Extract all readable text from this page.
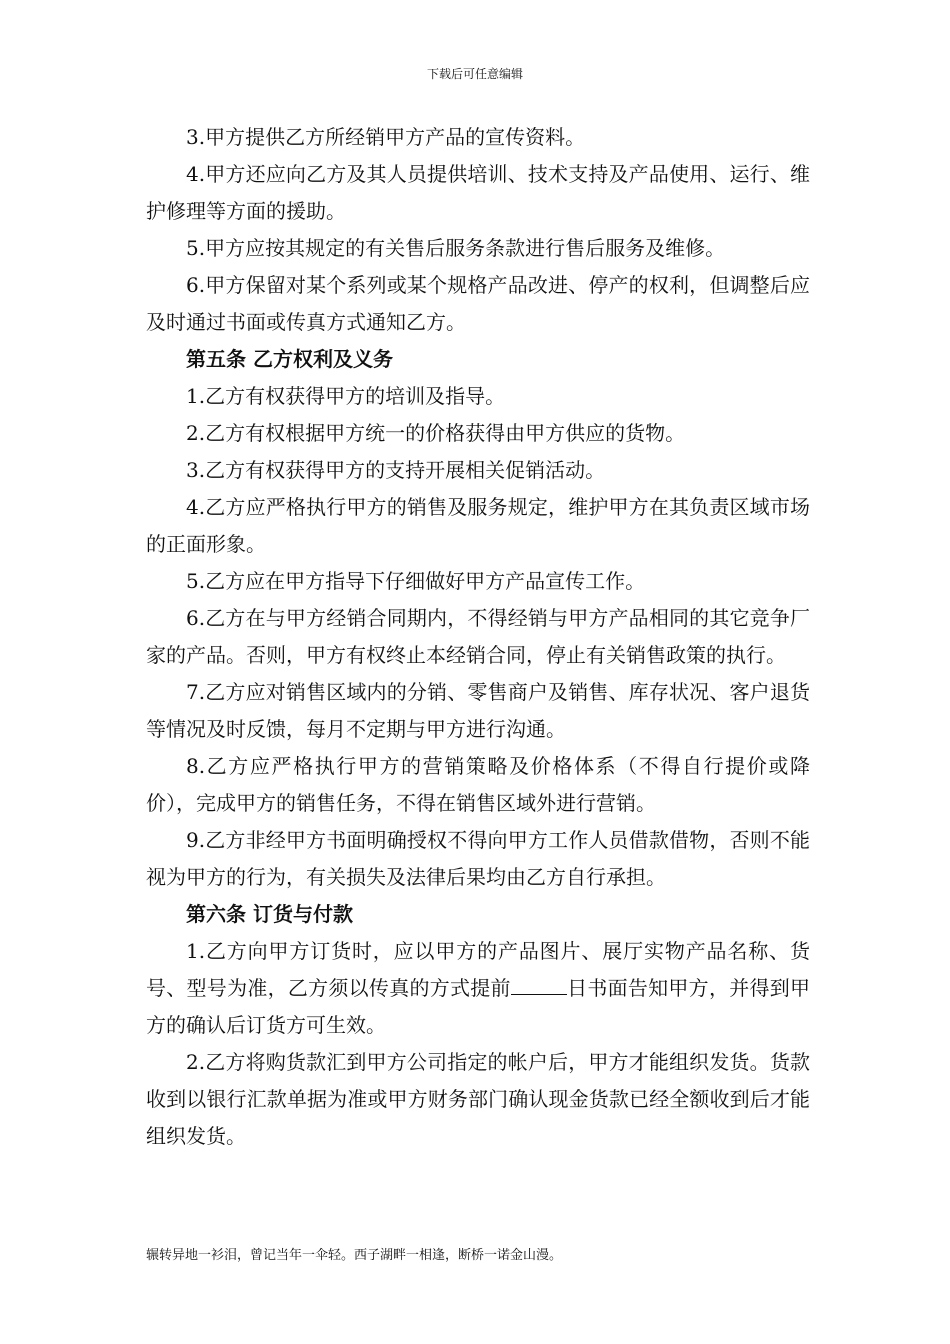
下载后可任意编辑

3.甲方提供乙方所经销甲方产品的宣传资料。

4.甲方还应向乙方及其人员提供培训、技术支持及产品使用、运行、维护修理等方面的援助。

5.甲方应按其规定的有关售后服务条款进行售后服务及维修。

6.甲方保留对某个系列或某个规格产品改进、停产的权利，但调整后应及时通过书面或传真方式通知乙方。

第五条 乙方权利及义务

1.乙方有权获得甲方的培训及指导。

2.乙方有权根据甲方统一的价格获得由甲方供应的货物。

3.乙方有权获得甲方的支持开展相关促销活动。

4.乙方应严格执行甲方的销售及服务规定，维护甲方在其负责区域市场的正面形象。

5.乙方应在甲方指导下仔细做好甲方产品宣传工作。

6.乙方在与甲方经销合同期内，不得经销与甲方产品相同的其它竞争厂家的产品。否则，甲方有权终止本经销合同，停止有关销售政策的执行。

7.乙方应对销售区域内的分销、零售商户及销售、库存状况、客户退货等情况及时反馈，每月不定期与甲方进行沟通。

8.乙方应严格执行甲方的营销策略及价格体系（不得自行提价或降价），完成甲方的销售任务，不得在销售区域外进行营销。

9.乙方非经甲方书面明确授权不得向甲方工作人员借款借物，否则不能视为甲方的行为，有关损失及法律后果均由乙方自行承担。

第六条 订货与付款

1.乙方向甲方订货时，应以甲方的产品图片、展厅实物产品名称、货号、型号为准，乙方须以传真的方式提前	日书面告知甲方，并得到甲方的确认后订货方可生效。

2.乙方将购货款汇到甲方公司指定的帐户后，甲方才能组织发货。货款收到以银行汇款单据为准或甲方财务部门确认现金货款已经全额收到后才能组织发货。

辗转异地一衫泪，曾记当年一伞轻。西子湖畔一相逢，断桥一诺金山漫。
